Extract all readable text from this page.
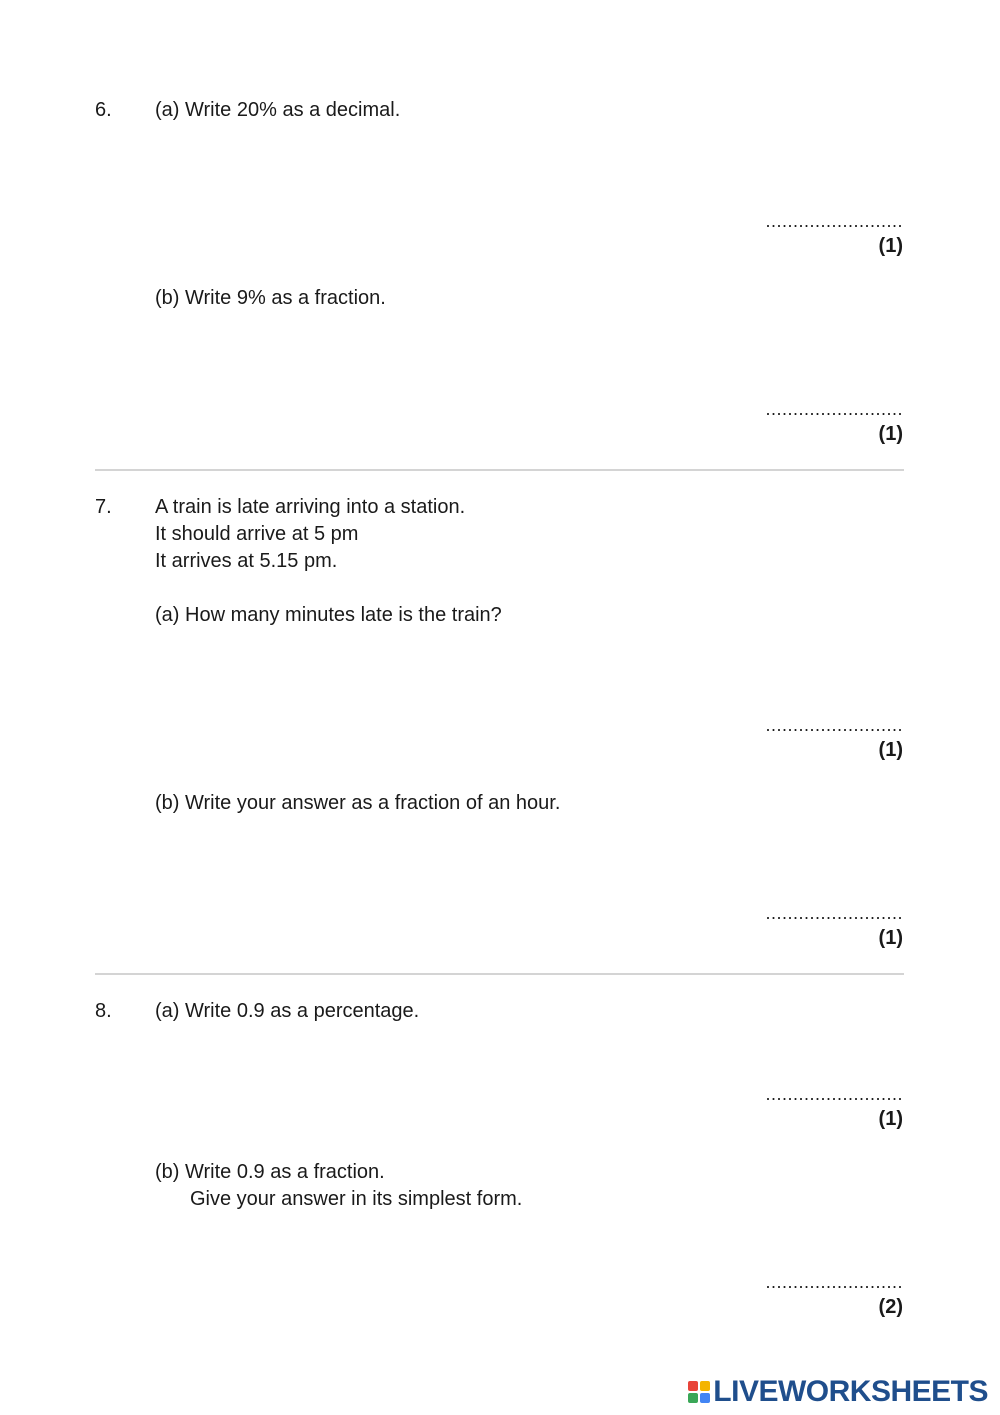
6. (a) Write 20% as a decimal.
.........................
(1)
(b) Write 9% as a fraction.
.........................
(1)
7. A train is late arriving into a station.
It should arrive at 5 pm
It arrives at 5.15 pm.
(a) How many minutes late is the train?
.........................
(1)
(b) Write your answer as a fraction of an hour.
.........................
(1)
8. (a) Write 0.9 as a percentage.
.........................
(1)
(b) Write 0.9 as a fraction.
Give your answer in its simplest form.
.........................
(2)
LIVEWORKSHEETS
